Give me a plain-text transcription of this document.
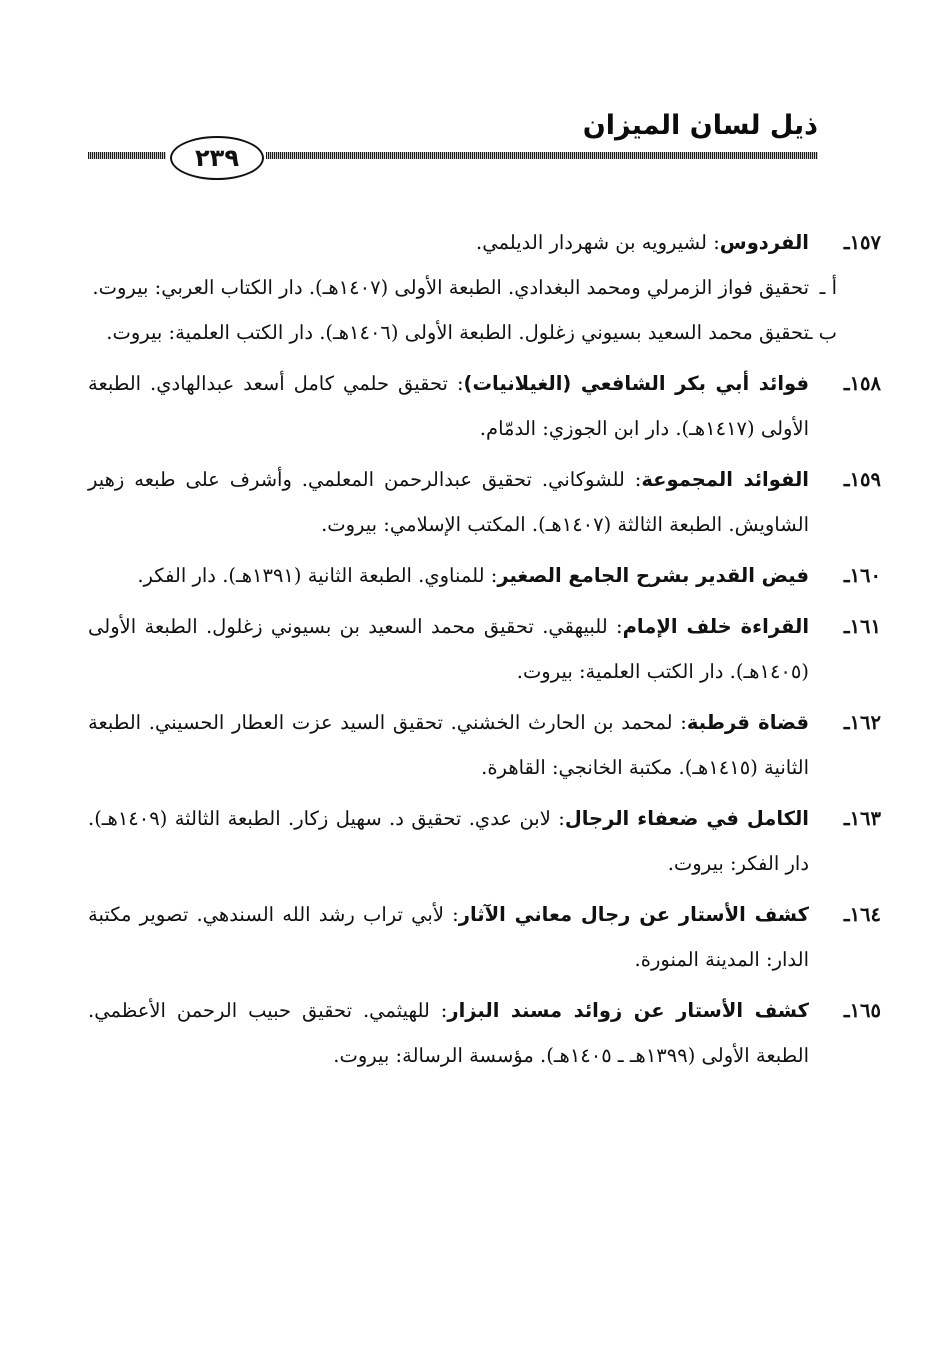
ذيل لسان الميزان
٢٣٩
١٥٧ـ
الفردوس: لشيرويه بن شهردار الديلمي.
أ ـ
تحقيق فواز الزمرلي ومحمد البغدادي. الطبعة الأولى (١٤٠٧هـ). دار الكتاب العربي: بيروت.
ب ـ
تحقيق محمد السعيد بسيوني زغلول. الطبعة الأولى (١٤٠٦هـ). دار الكتب العلمية: بيروت.
١٥٨ـ
فوائد أبي بكر الشافعي (الغيلانيات): تحقيق حلمي كامل أسعد عبدالهادي. الطبعة الأولى (١٤١٧هـ). دار ابن الجوزي: الدمّام.
١٥٩ـ
الفوائد المجموعة: للشوكاني. تحقيق عبدالرحمن المعلمي. وأشرف على طبعه زهير الشاويش. الطبعة الثالثة (١٤٠٧هـ). المكتب الإسلامي: بيروت.
١٦٠ـ
فيض القدير بشرح الجامع الصغير: للمناوي. الطبعة الثانية (١٣٩١هـ). دار الفكر.
١٦١ـ
القراءة خلف الإمام: للبيهقي. تحقيق محمد السعيد بن بسيوني زغلول. الطبعة الأولى (١٤٠٥هـ). دار الكتب العلمية: بيروت.
١٦٢ـ
قضاة قرطبة: لمحمد بن الحارث الخشني. تحقيق السيد عزت العطار الحسيني. الطبعة الثانية (١٤١٥هـ). مكتبة الخانجي: القاهرة.
١٦٣ـ
الكامل في ضعفاء الرجال: لابن عدي. تحقيق د. سهيل زكار. الطبعة الثالثة (١٤٠٩هـ). دار الفكر: بيروت.
١٦٤ـ
كشف الأستار عن رجال معاني الآثار: لأبي تراب رشد الله السندهي. تصوير مكتبة الدار: المدينة المنورة.
١٦٥ـ
كشف الأستار عن زوائد مسند البزار: للهيثمي. تحقيق حبيب الرحمن الأعظمي. الطبعة الأولى (١٣٩٩هـ ـ ١٤٠٥هـ). مؤسسة الرسالة: بيروت.
